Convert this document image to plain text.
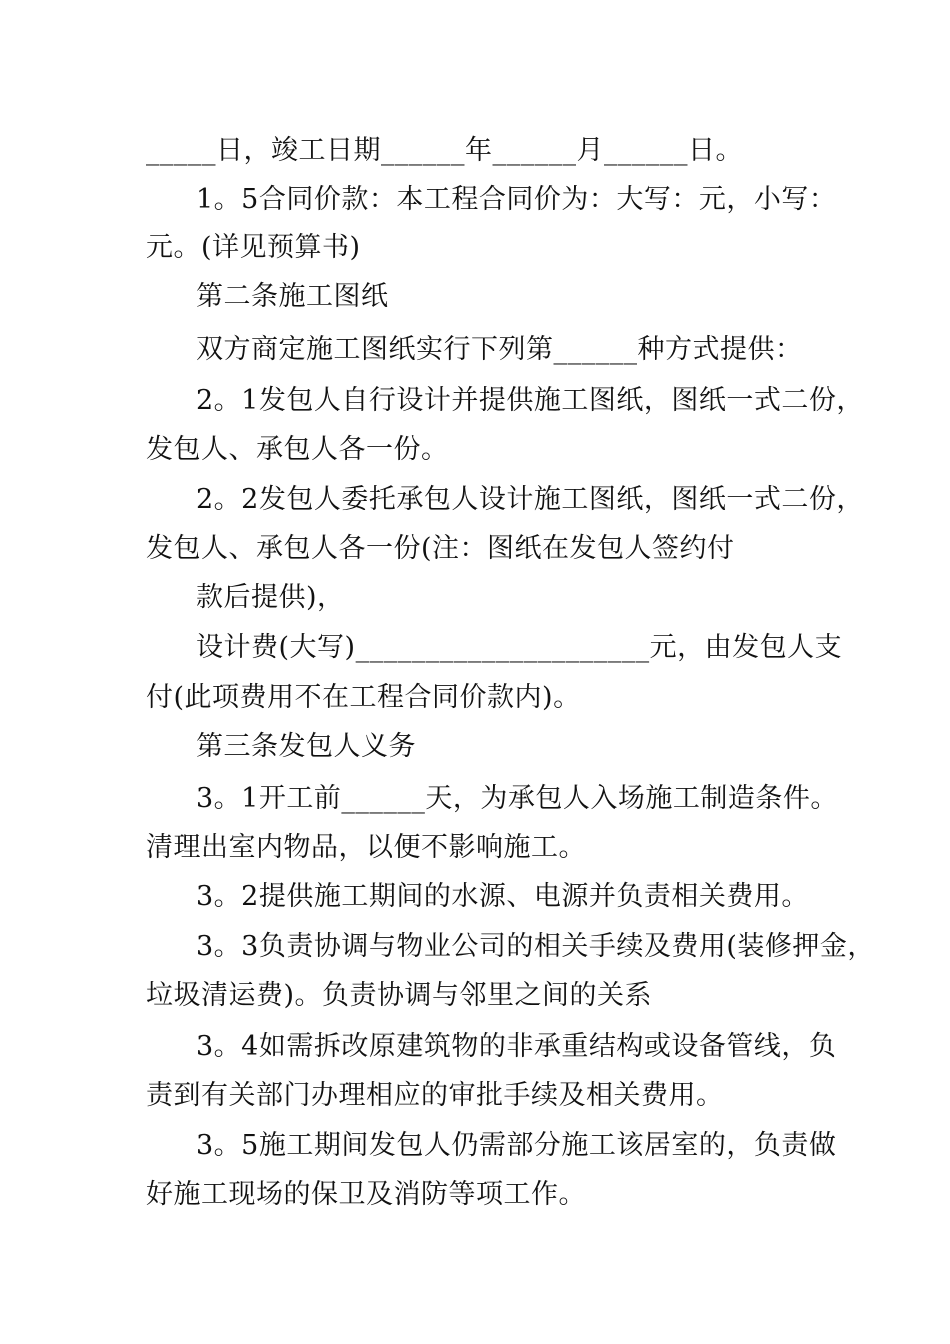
_____日，竣工日期______年______月______日。
1。5合同价款：本工程合同价为：大写：元，小写：
元。(详见预算书)
第二条施工图纸
双方商定施工图纸实行下列第______种方式提供：
2。1发包人自行设计并提供施工图纸，图纸一式二份，
发包人、承包人各一份。
2。2发包人委托承包人设计施工图纸，图纸一式二份，
发包人、承包人各一份(注：图纸在发包人签约付
款后提供)，
设计费(大写)_____________________元，由发包人支
付(此项费用不在工程合同价款内)。
第三条发包人义务
3。1开工前______天，为承包人入场施工制造条件。
清理出室内物品，以便不影响施工。
3。2提供施工期间的水源、电源并负责相关费用。
3。3负责协调与物业公司的相关手续及费用(装修押金，
垃圾清运费)。负责协调与邻里之间的关系
3。4如需拆改原建筑物的非承重结构或设备管线，负
责到有关部门办理相应的审批手续及相关费用。
3。5施工期间发包人仍需部分施工该居室的，负责做
好施工现场的保卫及消防等项工作。
